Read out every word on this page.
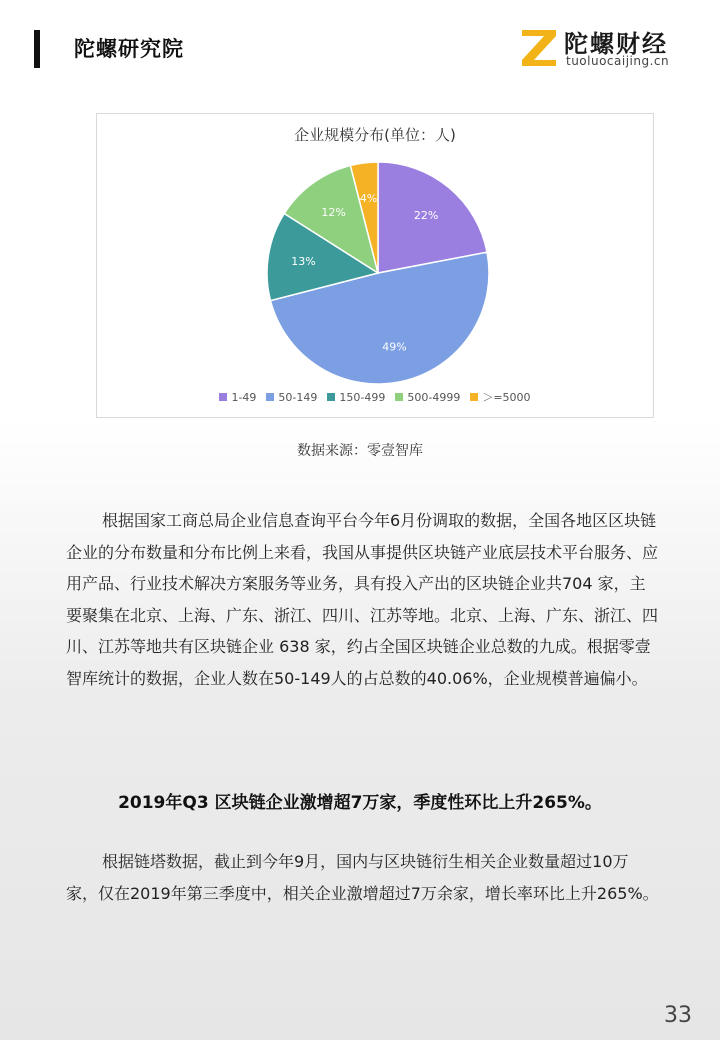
陀螺研究院	陀螺财经
tuoluocaijing.cn
22%
49%
13%
12%
4%
企业规模分布(单位：人)
1-49 50-149 150-499 500-4999 ＞=5000
数据来源：零壹智库

根据国家工商总局企业信息查询平台今年6月份调取的数据，全国各地区区块链企业的分布数量和分布比例上来看，我国从事提供区块链产业底层技术平台服务、应用产品、行业技术解决方案服务等业务，具有投入产出的区块链企业共704 家，主要聚集在北京、上海、广东、浙江、四川、江苏等地。北京、上海、广东、浙江、四川、江苏等地共有区块链企业 638 家，约占全国区块链企业总数的九成。根据零壹智库统计的数据，企业人数在50-149人的占总数的40.06%，企业规模普遍偏小。

2019年Q3 区块链企业激增超7万家，季度性环比上升265%。

根据链塔数据，截止到今年9月，国内与区块链衍生相关企业数量超过10万家，仅在2019年第三季度中，相关企业激增超过7万余家，增长率环比上升265%。

33
